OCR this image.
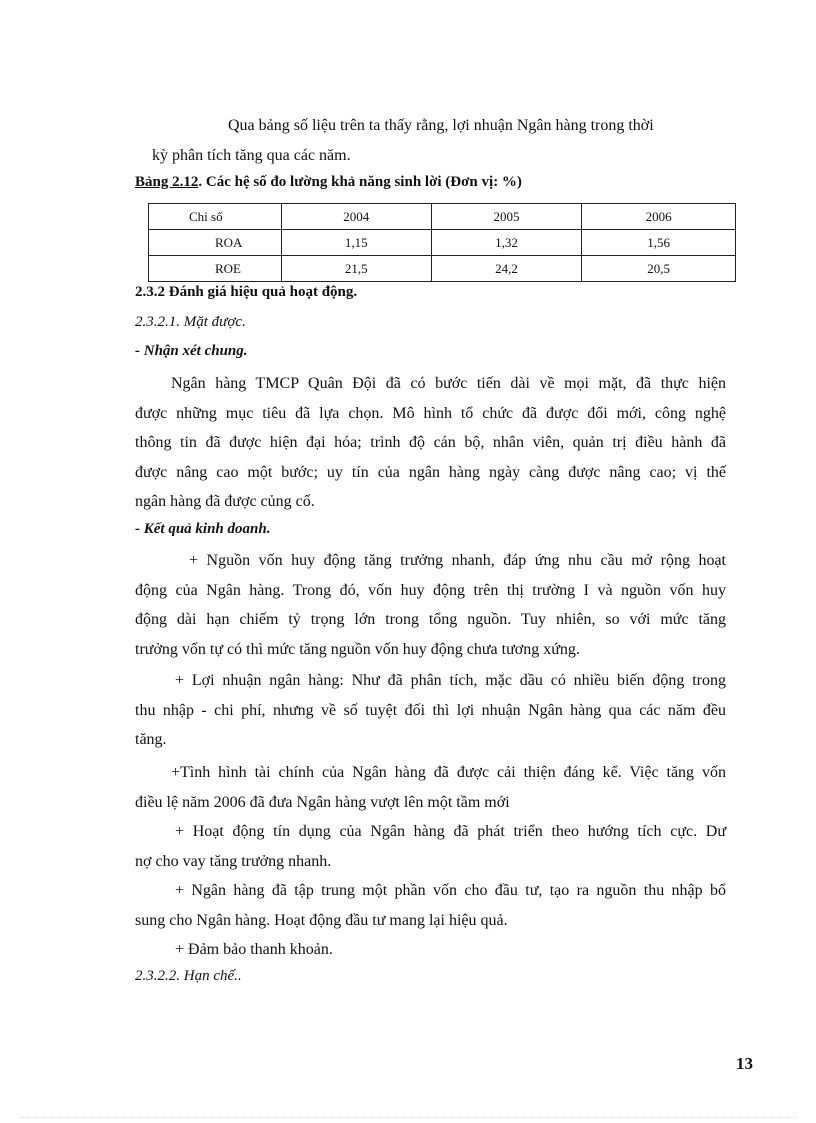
Qua bảng số liệu trên ta thấy rằng, lợi nhuận Ngân hàng trong thời
kỳ phân tích tăng qua các năm.
Bảng 2.12. Các hệ số đo lường khả năng sinh lời (Đơn vị: %)
Chỉ số	2004	2005	2006
ROA	1,15	1,32	1,56
ROE	21,5	24,2	20,5
2.3.2 Đánh giá hiệu quả hoạt động.
2.3.2.1. Mặt được.
- Nhận xét chung.
Ngân hàng TMCP Quân Đội đã có bước tiến dài về mọi mặt, đã thực hiện
được những mục tiêu đã lựa chọn. Mô hình tổ chức đã được đổi mới, công nghệ
thông tin đã được hiện đại hóa; trình độ cán bộ, nhân viên, quản trị điều hành đã
được nâng cao một bước; uy tín của ngân hàng ngày càng được nâng cao; vị thế
ngân hàng đã được củng cố.
- Kết quả kinh doanh.
+ Nguồn vốn huy động tăng trưởng nhanh, đáp ứng nhu cầu mở rộng hoạt
động của Ngân hàng. Trong đó, vốn huy động trên thị trường I và nguồn vốn huy
động dài hạn chiếm tỷ trọng lớn trong tổng nguồn. Tuy nhiên, so với mức tăng
trưởng vốn tự có thì mức tăng nguồn vốn huy động chưa tương xứng.
+ Lợi nhuận ngân hàng: Như đã phân tích, mặc dầu có nhiều biến động trong
thu nhập - chi phí, nhưng về số tuyệt đối thì lợi nhuận Ngân hàng qua các năm đều
tăng.
+Tình hình tài chính của Ngân hàng đã được cải thiện đáng kể. Việc tăng vốn
điều lệ năm 2006 đã đưa Ngân hàng vượt lên một tầm mới
+ Hoạt động tín dụng của Ngân hàng đã phát triển theo hướng tích cực. Dư
nợ cho vay tăng trưởng nhanh.
+ Ngân hàng đã tập trung một phần vốn cho đầu tư, tạo ra nguồn thu nhập bổ
sung cho Ngân hàng. Hoạt động đầu tư mang lại hiệu quả.
+ Đảm bảo thanh khoản.
2.3.2.2. Hạn chế..
13
